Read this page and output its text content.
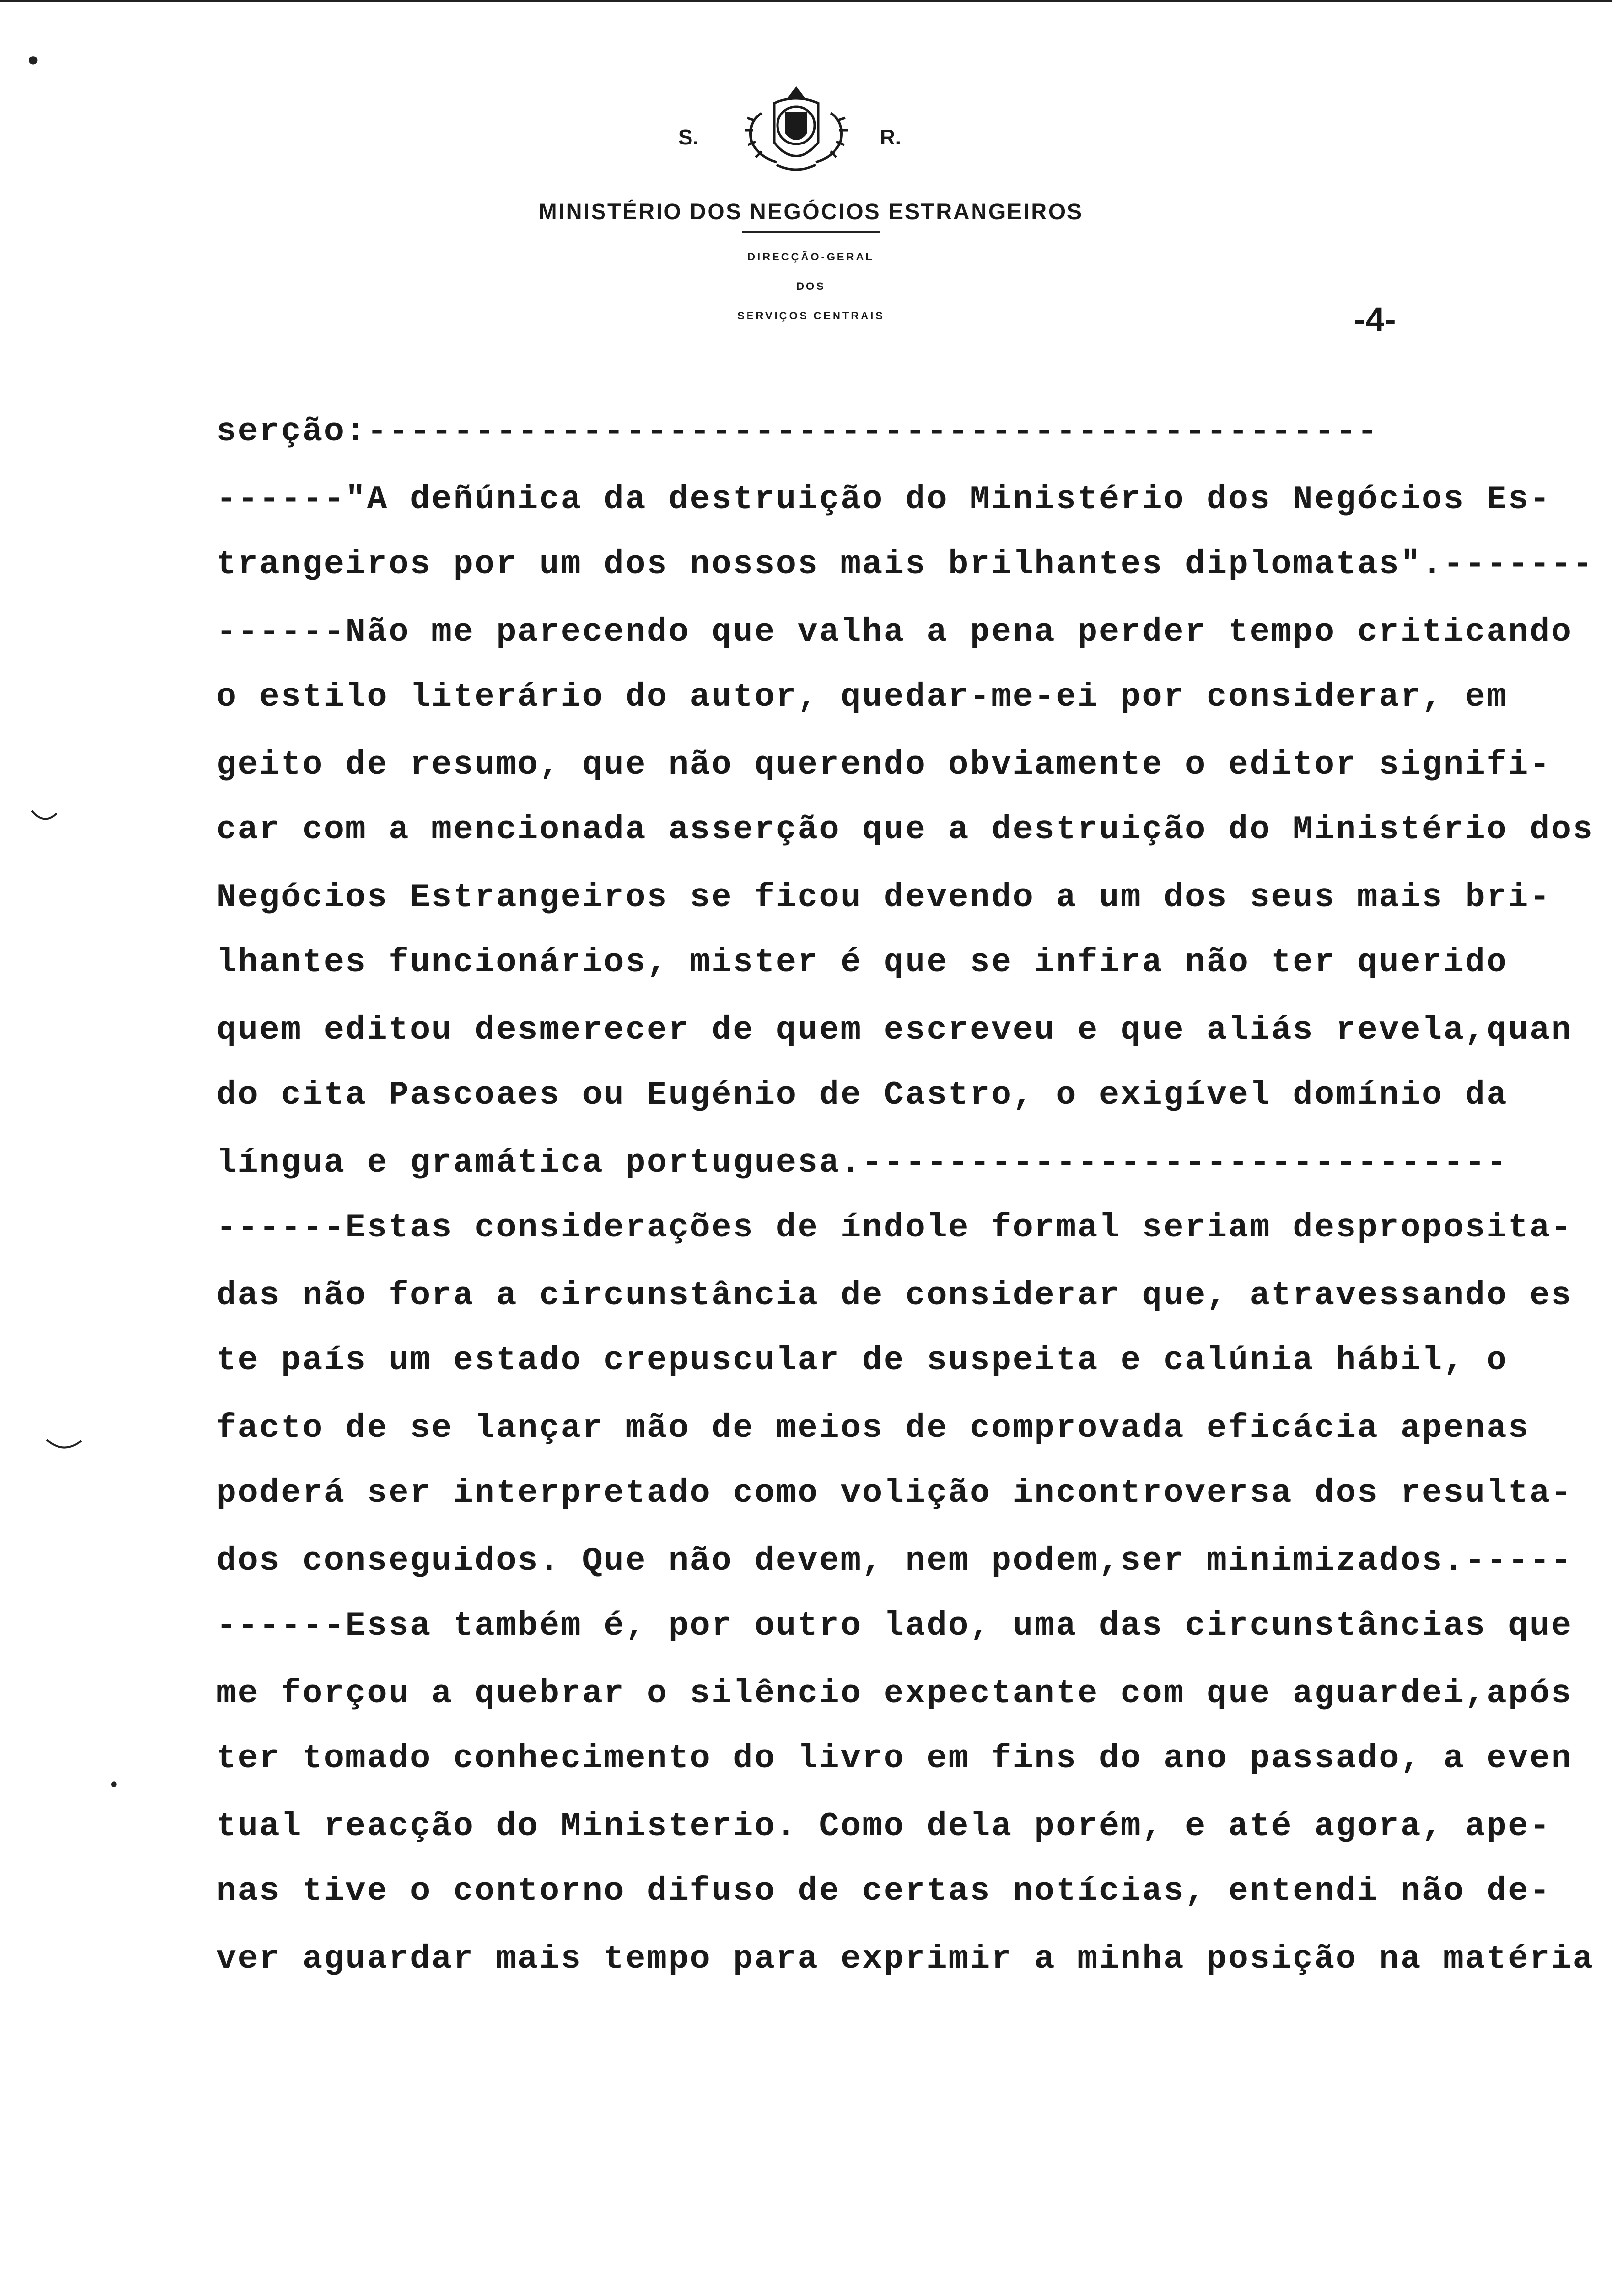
S.	R.
MINISTÉRIO DOS NEGÓCIOS ESTRANGEIROS
DIRECÇÃO-GERAL
DOS
SERVIÇOS CENTRAIS	-4-
serção:-----------------------------------------------
------"A deñúnica da destruição do Ministério dos Negócios Es-
trangeiros por um dos nossos mais brilhantes diplomatas".-------
------Não me parecendo que valha a pena perder tempo criticando
o estilo literário do autor, quedar-me-ei por considerar, em
geito de resumo, que não querendo obviamente o editor signifi-
car com a mencionada asserção que a destruição do Ministério dos
Negócios Estrangeiros se ficou devendo a um dos seus mais bri-
lhantes funcionários, mister é que se infira não ter querido
quem editou desmerecer de quem escreveu e que aliás revela,quan
do cita Pascoaes ou Eugénio de Castro, o exigível domínio da
língua e gramática portuguesa.------------------------------
------Estas considerações de índole formal seriam desproposita-
das não fora a circunstância de considerar que, atravessando es
te país um estado crepuscular de suspeita e calúnia hábil, o
facto de se lançar mão de meios de comprovada eficácia apenas
poderá ser interpretado como volição incontroversa dos resulta-
dos conseguidos. Que não devem, nem podem,ser minimizados.-----
------Essa também é, por outro lado, uma das circunstâncias que
me forçou a quebrar o silêncio expectante com que aguardei,após
ter tomado conhecimento do livro em fins do ano passado, a even
tual reacção do Ministerio. Como dela porém, e até agora, ape-
nas tive o contorno difuso de certas notícias, entendi não de-
ver aguardar mais tempo para exprimir a minha posição na matéria
•
•
